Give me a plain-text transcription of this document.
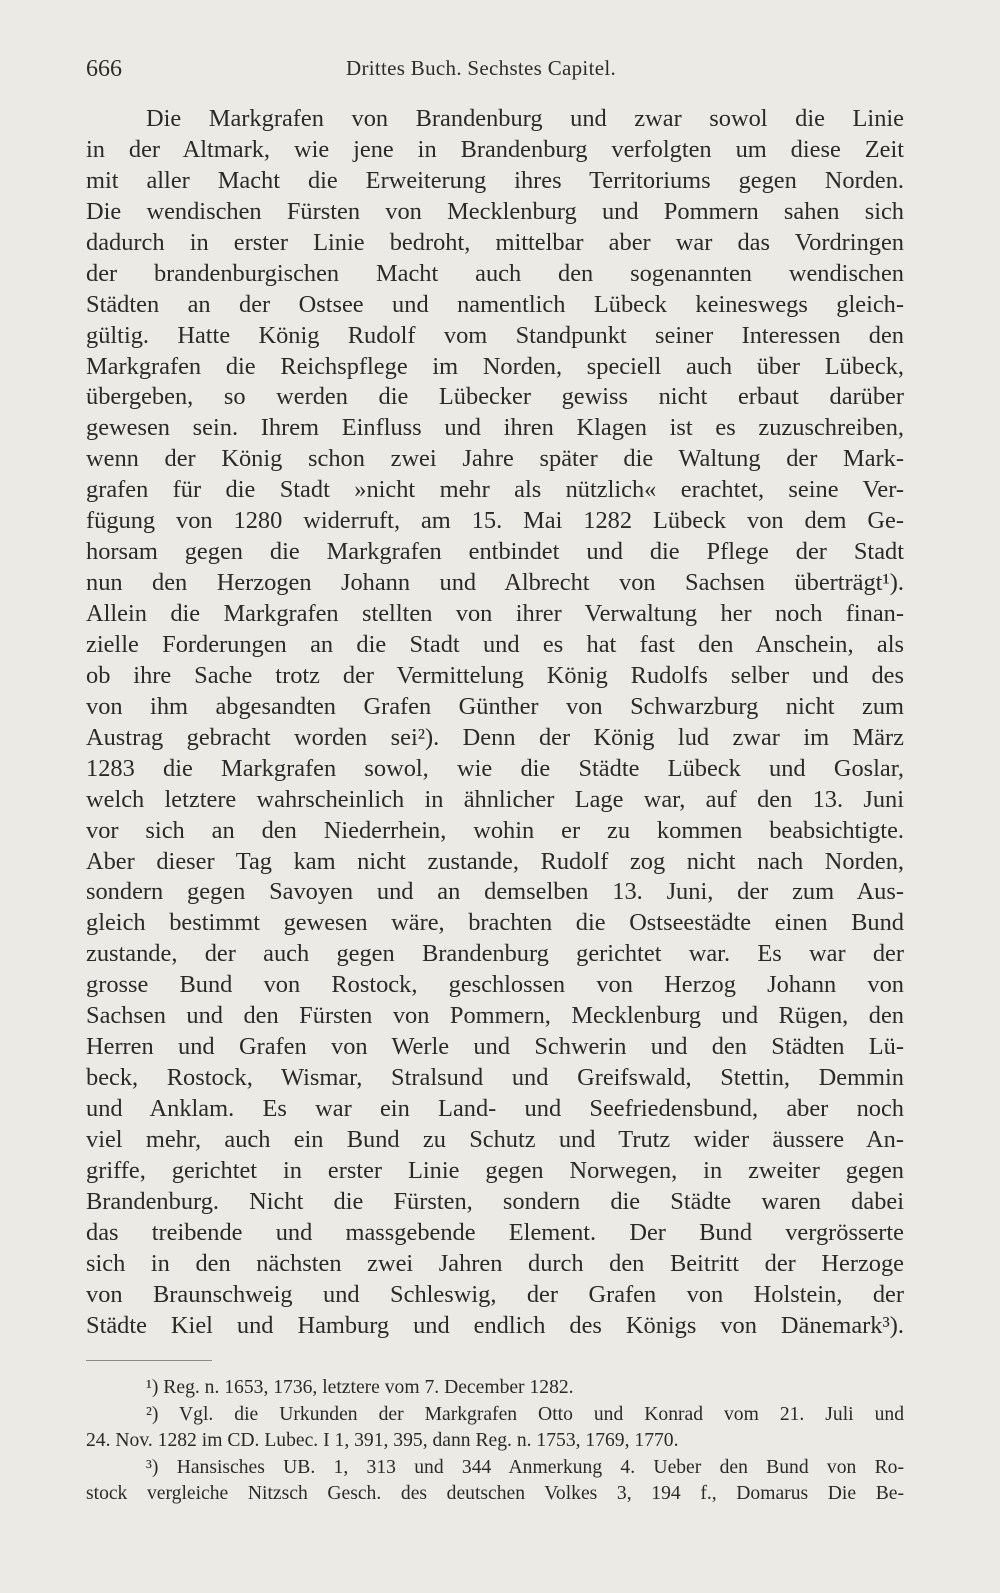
666	Drittes Buch. Sechstes Capitel.
Die Markgrafen von Brandenburg und zwar sowol die Linie
in der Altmark, wie jene in Brandenburg verfolgten um diese Zeit
mit aller Macht die Erweiterung ihres Territoriums gegen Norden.
Die wendischen Fürsten von Mecklenburg und Pommern sahen sich
dadurch in erster Linie bedroht, mittelbar aber war das Vordringen
der brandenburgischen Macht auch den sogenannten wendischen
Städten an der Ostsee und namentlich Lübeck keineswegs gleich-
gültig. Hatte König Rudolf vom Standpunkt seiner Interessen den
Markgrafen die Reichspflege im Norden, speciell auch über Lübeck,
übergeben, so werden die Lübecker gewiss nicht erbaut darüber
gewesen sein. Ihrem Einfluss und ihren Klagen ist es zuzuschreiben,
wenn der König schon zwei Jahre später die Waltung der Mark-
grafen für die Stadt »nicht mehr als nützlich« erachtet, seine Ver-
fügung von 1280 widerruft, am 15. Mai 1282 Lübeck von dem Ge-
horsam gegen die Markgrafen entbindet und die Pflege der Stadt
nun den Herzogen Johann und Albrecht von Sachsen überträgt¹).
Allein die Markgrafen stellten von ihrer Verwaltung her noch finan-
zielle Forderungen an die Stadt und es hat fast den Anschein, als
ob ihre Sache trotz der Vermittelung König Rudolfs selber und des
von ihm abgesandten Grafen Günther von Schwarzburg nicht zum
Austrag gebracht worden sei²). Denn der König lud zwar im März
1283 die Markgrafen sowol, wie die Städte Lübeck und Goslar,
welch letztere wahrscheinlich in ähnlicher Lage war, auf den 13. Juni
vor sich an den Niederrhein, wohin er zu kommen beabsichtigte.
Aber dieser Tag kam nicht zustande, Rudolf zog nicht nach Norden,
sondern gegen Savoyen und an demselben 13. Juni, der zum Aus-
gleich bestimmt gewesen wäre, brachten die Ostseestädte einen Bund
zustande, der auch gegen Brandenburg gerichtet war. Es war der
grosse Bund von Rostock, geschlossen von Herzog Johann von
Sachsen und den Fürsten von Pommern, Mecklenburg und Rügen, den
Herren und Grafen von Werle und Schwerin und den Städten Lü-
beck, Rostock, Wismar, Stralsund und Greifswald, Stettin, Demmin
und Anklam. Es war ein Land- und Seefriedensbund, aber noch
viel mehr, auch ein Bund zu Schutz und Trutz wider äussere An-
griffe, gerichtet in erster Linie gegen Norwegen, in zweiter gegen
Brandenburg. Nicht die Fürsten, sondern die Städte waren dabei
das treibende und massgebende Element. Der Bund vergrösserte
sich in den nächsten zwei Jahren durch den Beitritt der Herzoge
von Braunschweig und Schleswig, der Grafen von Holstein, der
Städte Kiel und Hamburg und endlich des Königs von Dänemark³).
¹) Reg. n. 1653, 1736, letztere vom 7. December 1282.
²) Vgl. die Urkunden der Markgrafen Otto und Konrad vom 21. Juli und
24. Nov. 1282 im CD. Lubec. I 1, 391, 395, dann Reg. n. 1753, 1769, 1770.
³) Hansisches UB. 1, 313 und 344 Anmerkung 4. Ueber den Bund von Ro-
stock vergleiche Nitzsch Gesch. des deutschen Volkes 3, 194 f., Domarus Die Be-
